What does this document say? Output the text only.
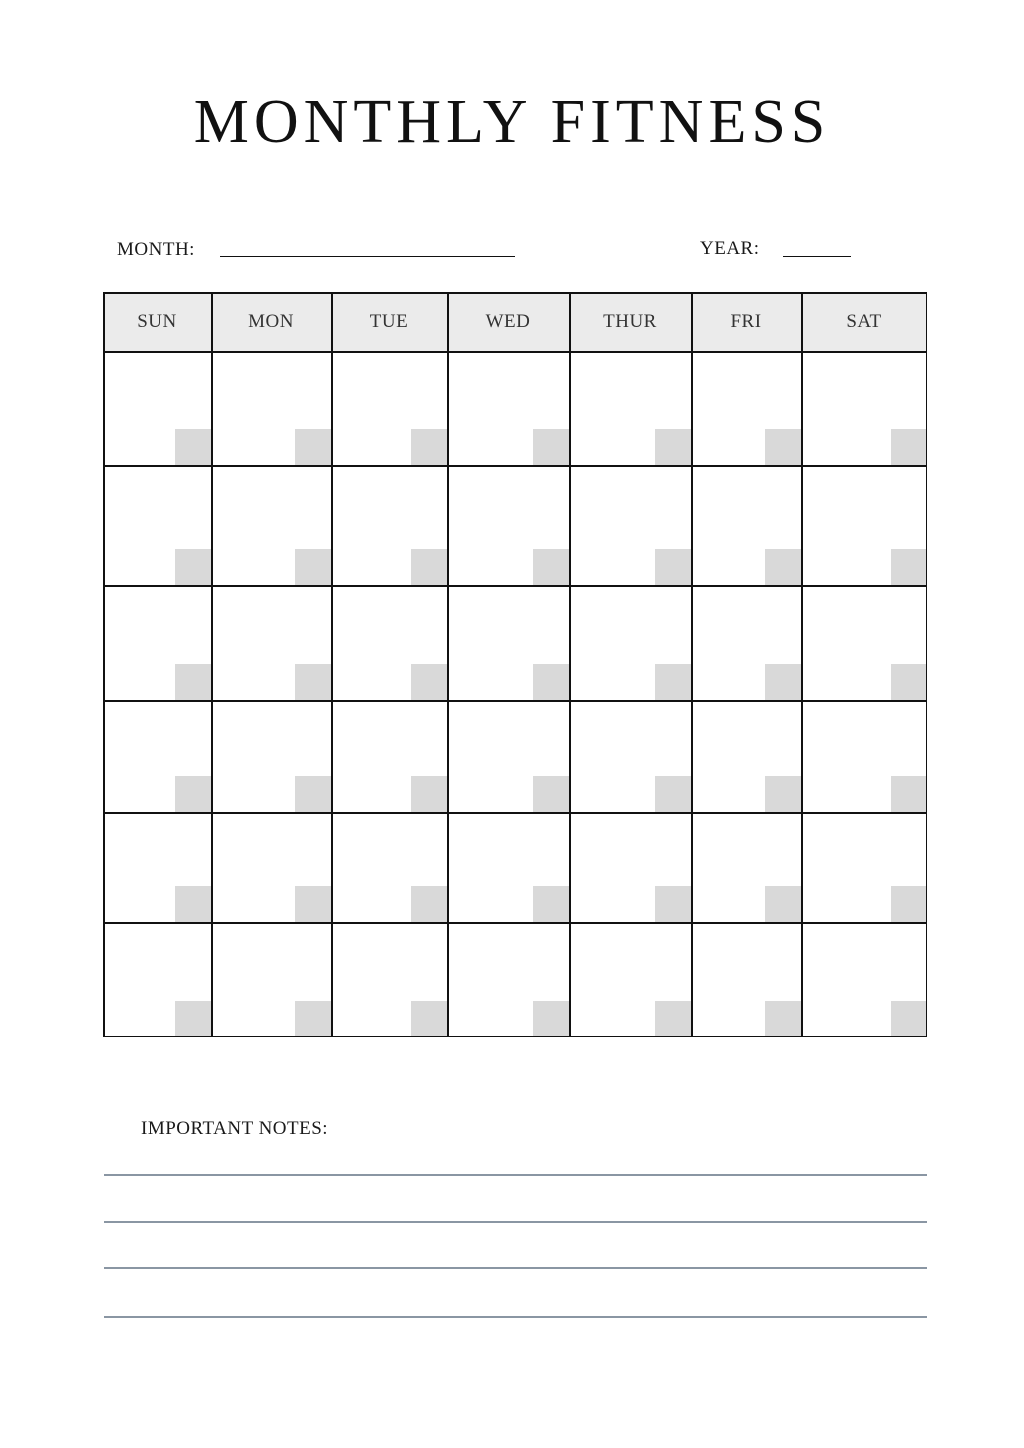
MONTHLY FITNESS
MONTH:	YEAR:
SUN	MON	TUE	WED	THUR	FRI	SAT
IMPORTANT NOTES:
